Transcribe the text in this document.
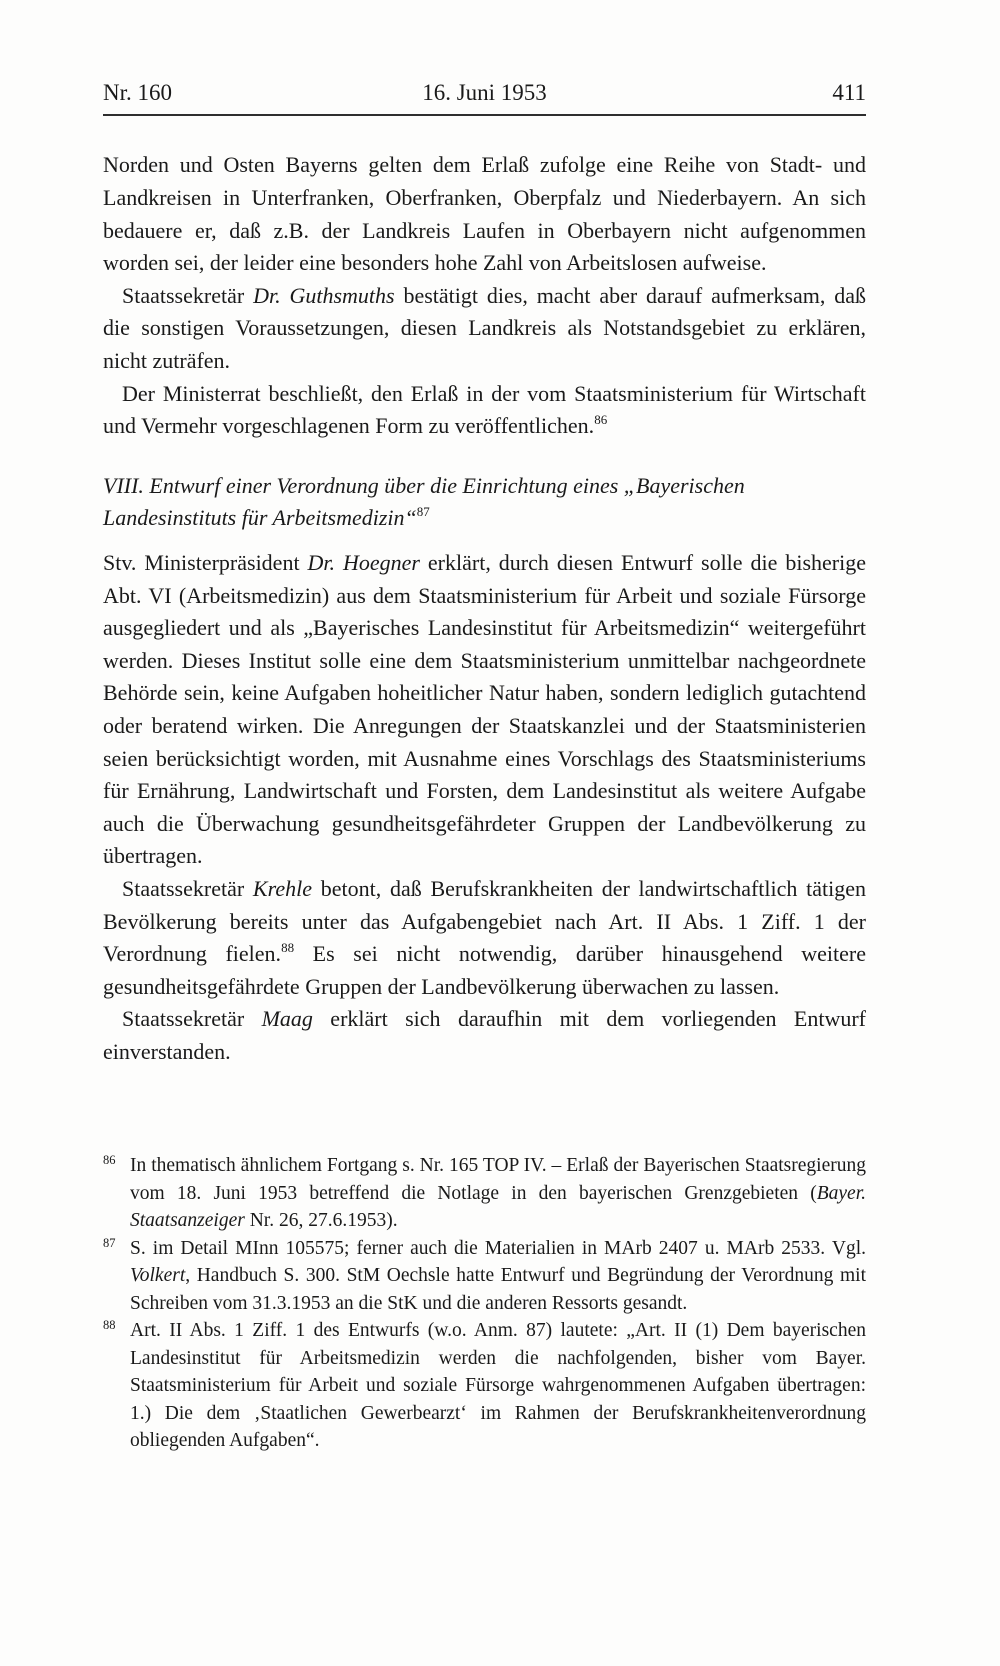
Nr. 160	16. Juni 1953	411

Norden und Osten Bayerns gelten dem Erlaß zufolge eine Reihe von Stadt- und Landkreisen in Unterfranken, Oberfranken, Oberpfalz und Niederbayern. An sich bedauere er, daß z.B. der Landkreis Laufen in Oberbayern nicht aufgenommen worden sei, der leider eine besonders hohe Zahl von Arbeitslosen aufweise.

Staatssekretär Dr. Guthsmuths bestätigt dies, macht aber darauf aufmerksam, daß die sonstigen Voraussetzungen, diesen Landkreis als Notstandsgebiet zu erklären, nicht zuträfen.

Der Ministerrat beschließt, den Erlaß in der vom Staatsministerium für Wirtschaft und Vermehr vorgeschlagenen Form zu veröffentlichen.$^{86}$

VIII. Entwurf einer Verordnung über die Einrichtung eines „Bayerischen Landesinstituts für Arbeitsmedizin“$^{87}$

Stv. Ministerpräsident Dr. Hoegner erklärt, durch diesen Entwurf solle die bisherige Abt. VI (Arbeitsmedizin) aus dem Staatsministerium für Arbeit und soziale Fürsorge ausgegliedert und als „Bayerisches Landesinstitut für Arbeitsmedizin“ weitergeführt werden. Dieses Institut solle eine dem Staatsministerium unmittelbar nachgeordnete Behörde sein, keine Aufgaben hoheitlicher Natur haben, sondern lediglich gutachtend oder beratend wirken. Die Anregungen der Staatskanzlei und der Staatsministerien seien berücksichtigt worden, mit Ausnahme eines Vorschlags des Staatsministeriums für Ernährung, Landwirtschaft und Forsten, dem Landesinstitut als weitere Aufgabe auch die Überwachung gesundheitsgefährdeter Gruppen der Landbevölkerung zu übertragen.

Staatssekretär Krehle betont, daß Berufskrankheiten der landwirtschaftlich tätigen Bevölkerung bereits unter das Aufgabengebiet nach Art. II Abs. 1 Ziff. 1 der Verordnung fielen.$^{88}$ Es sei nicht notwendig, darüber hinausgehend weitere gesundheitsgefährdete Gruppen der Landbevölkerung überwachen zu lassen.

Staatssekretär Maag erklärt sich daraufhin mit dem vorliegenden Entwurf einverstanden.

86 In thematisch ähnlichem Fortgang s. Nr. 165 TOP IV. – Erlaß der Bayerischen Staatsregierung vom 18. Juni 1953 betreffend die Notlage in den bayerischen Grenzgebieten (Bayer. Staatsanzeiger Nr. 26, 27.6.1953).
87 S. im Detail MInn 105575; ferner auch die Materialien in MArb 2407 u. MArb 2533. Vgl. Volkert, Handbuch S. 300. StM Oechsle hatte Entwurf und Begründung der Verordnung mit Schreiben vom 31.3.1953 an die StK und die anderen Ressorts gesandt.
88 Art. II Abs. 1 Ziff. 1 des Entwurfs (w.o. Anm. 87) lautete: „Art. II (1) Dem bayerischen Landesinstitut für Arbeitsmedizin werden die nachfolgenden, bisher vom Bayer. Staatsministerium für Arbeit und soziale Fürsorge wahrgenommenen Aufgaben übertragen: 1.) Die dem ‚Staatlichen Gewerbearzt‘ im Rahmen der Berufskrankheitenverordnung obliegenden Aufgaben“.
